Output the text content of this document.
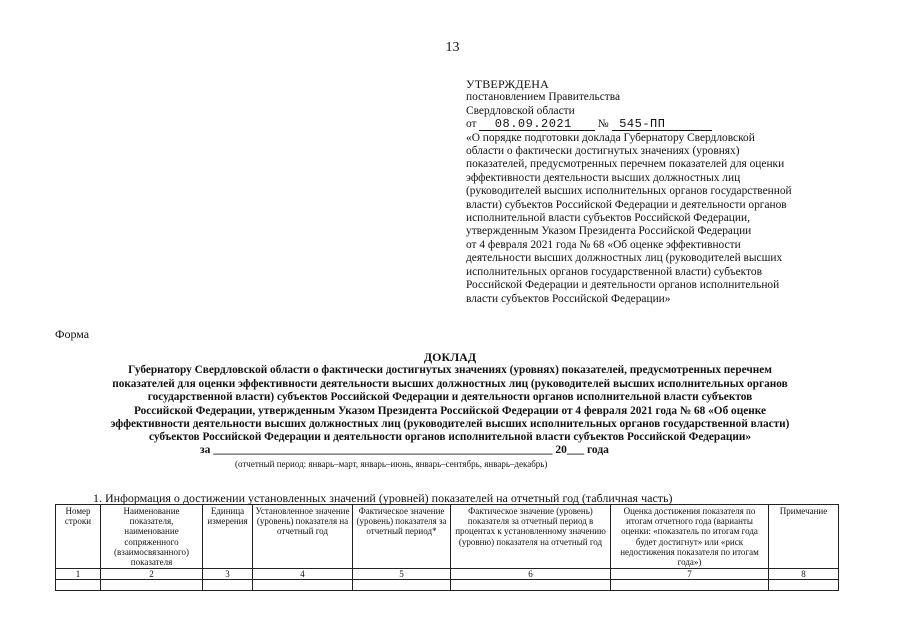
13
УТВЕРЖДЕНА
постановлением Правительства
Свердловской области
от 08.09.2021 № 545-ПП
«О порядке подготовки доклада Губернатору Свердловской
области о фактически достигнутых значениях (уровнях)
показателей, предусмотренных перечнем показателей для оценки
эффективности деятельности высших должностных лиц
(руководителей высших исполнительных органов государственной
власти) субъектов Российской Федерации и деятельности органов
исполнительной власти субъектов Российской Федерации,
утвержденным Указом Президента Российской Федерации
от 4 февраля 2021 года № 68 «Об оценке эффективности
деятельности высших должностных лиц (руководителей высших
исполнительных органов государственной власти) субъектов
Российской Федерации и деятельности органов исполнительной
власти субъектов Российской Федерации»
Форма
ДОКЛАД
Губернатору Свердловской области о фактически достигнутых значениях (уровнях) показателей, предусмотренных перечнем
показателей для оценки эффективности деятельности высших должностных лиц (руководителей высших исполнительных органов
государственной власти) субъектов Российской Федерации и деятельности органов исполнительной власти субъектов
Российской Федерации, утвержденным Указом Президента Российской Федерации от 4 февраля 2021 года № 68 «Об оценке
эффективности деятельности высших должностных лиц (руководителей высших исполнительных органов государственной власти)
субъектов Российской Федерации и деятельности органов исполнительной власти субъектов Российской Федерации»
за ___________________________________________________________ 20___ года
(отчетный период: январь–март, январь–июнь, январь–сентябрь, январь–декабрь)
1. Информация о достижении установленных значений (уровней) показателей на отчетный год (табличная часть)
Номер строки	Наименование показателя, наименование сопряженного (взаимосвязанного) показателя	Единица измерения	Установленное значение (уровень) показателя на отчетный год	Фактическое значение (уровень) показателя за отчетный период*	Фактическое значение (уровень) показателя за отчетный период в процентах к установленному значению (уровню) показателя на отчетный год	Оценка достижения показателя по итогам отчетного года (варианты оценки: «показатель по итогам года будет достигнут» или «риск недостижения показателя по итогам года»)	Примечание
1	2	3	4	5	6	7	8
